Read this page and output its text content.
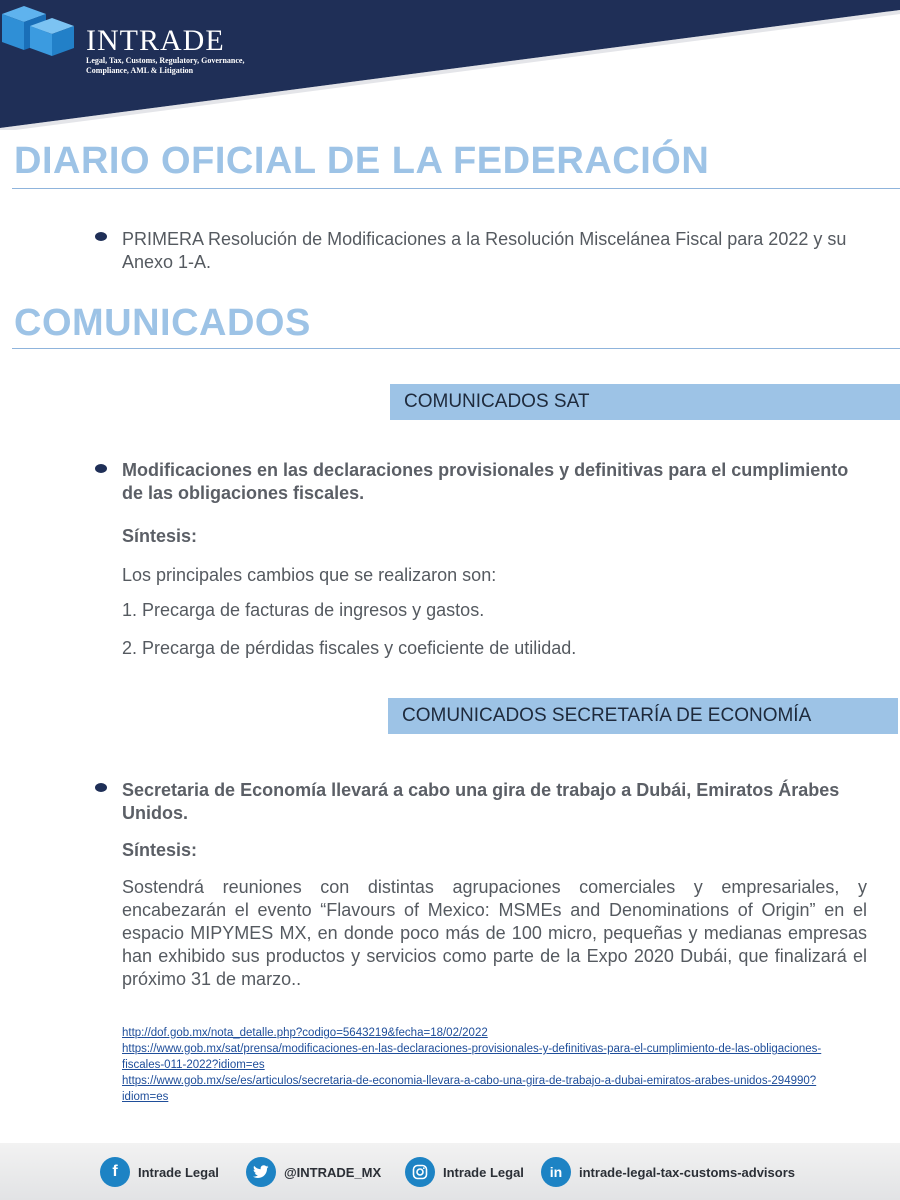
INTRADE
Legal, Tax, Customs, Regulatory, Governance, Compliance, AML & Litigation
DIARIO OFICIAL DE LA FEDERACIÓN

PRIMERA Resolución de Modificaciones a la Resolución Miscelánea Fiscal para 2022 y su Anexo 1-A.

COMUNICADOS
COMUNICADOS SAT

Modificaciones en las declaraciones provisionales y definitivas para el cumplimiento de las obligaciones fiscales.

Síntesis:

Los principales cambios que se realizaron son:

1. Precarga de facturas de ingresos y gastos.

2. Precarga de pérdidas fiscales y coeficiente de utilidad.

COMUNICADOS SECRETARÍA DE ECONOMÍA

Secretaria de Economía llevará a cabo una gira de trabajo a Dubái, Emiratos Árabes Unidos.

Síntesis:

Sostendrá reuniones con distintas agrupaciones comerciales y empresariales, y encabezarán el evento “Flavours of Mexico: MSMEs and Denominations of Origin” en el espacio MIPYMES MX, en donde poco más de 100 micro, pequeñas y medianas empresas han exhibido sus productos y servicios como parte de la Expo 2020 Dubái, que finalizará el próximo 31 de marzo..

http://dof.gob.mx/nota_detalle.php?codigo=5643219&fecha=18/02/2022
https://www.gob.mx/sat/prensa/modificaciones-en-las-declaraciones-provisionales-y-definitivas-para-el-cumplimiento-de-las-obligaciones-fiscales-011-2022?idiom=es
https://www.gob.mx/se/es/articulos/secretaria-de-economia-llevara-a-cabo-una-gira-de-trabajo-a-dubai-emiratos-arabes-unidos-294990?idiom=es
f	Intrade Legal	@INTRADE_MX	Intrade Legal	in	intrade-legal-tax-customs-advisors
